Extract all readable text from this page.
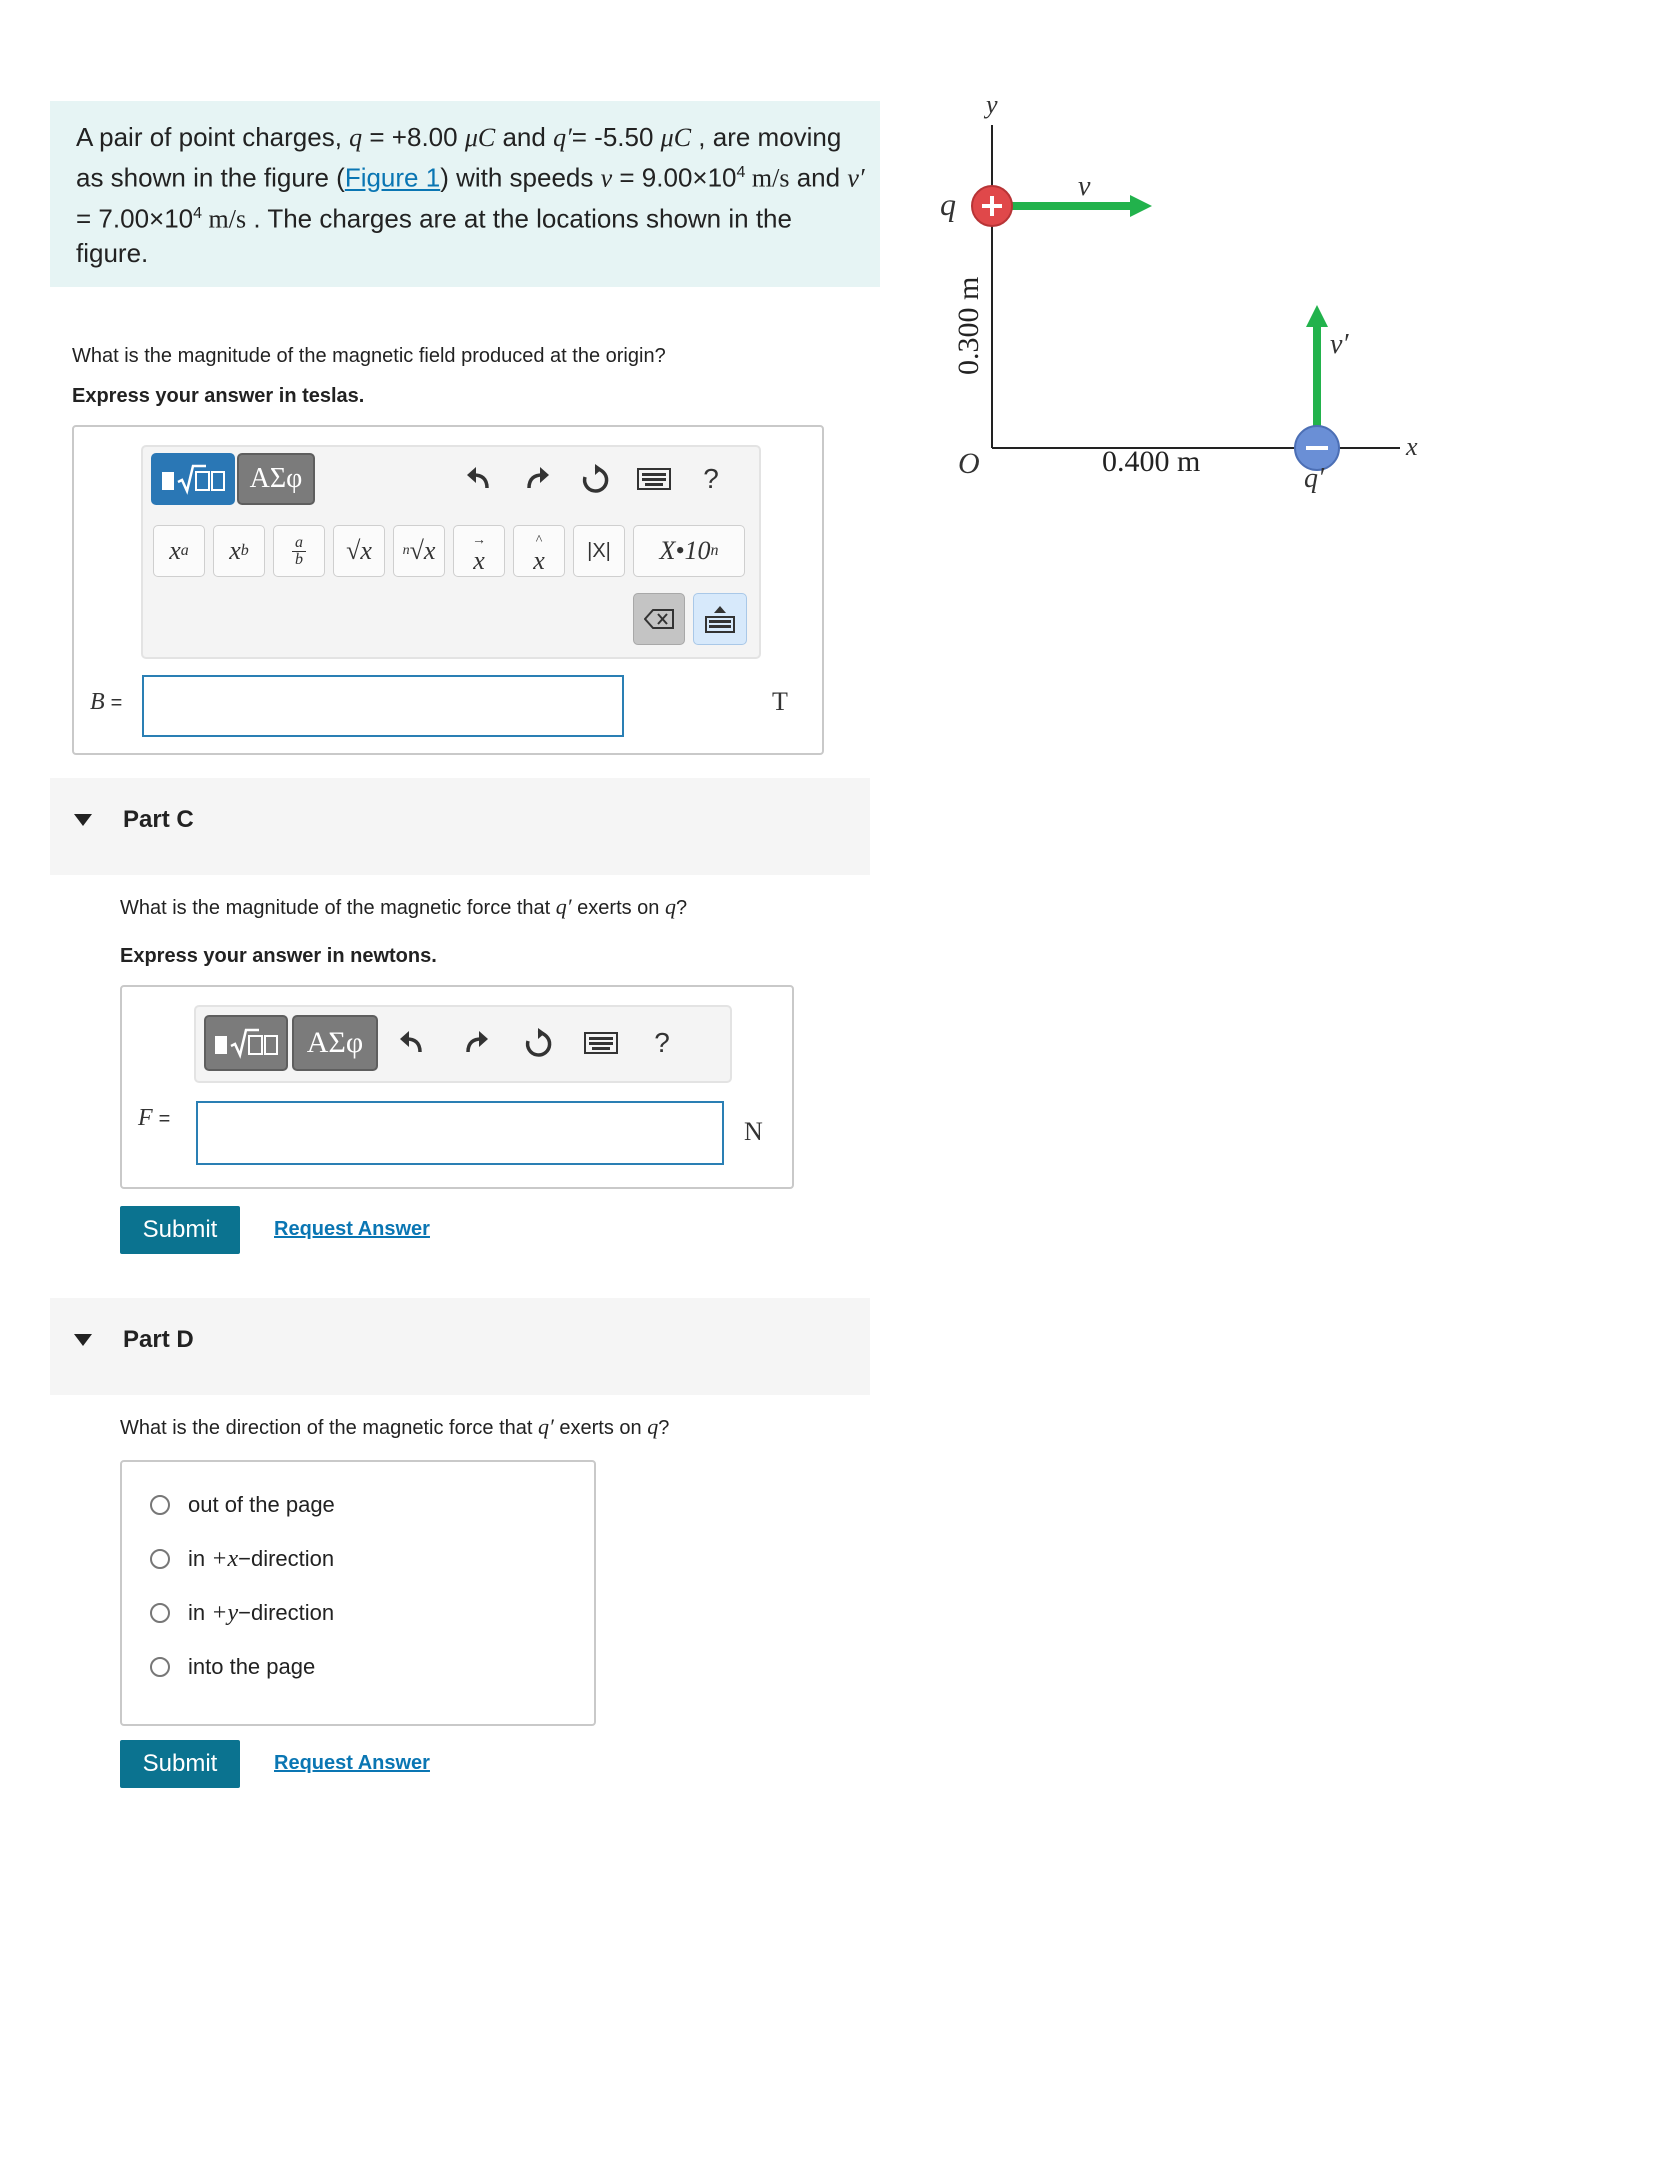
A pair of point charges, q = +8.00 μC and q′= -5.50 μC , are moving as shown in the figure (Figure 1) with speeds $v = 9.00\times 10^4$ m/s and $v' = 7.00\times 10^4$ m/s . The charges are at the locations shown in the figure.
y
x
O
0.300 m
0.400 m
v
q
v′
q′
What is the magnitude of the magnetic field produced at the origin?
Express your answer in teslas.
ΑΣφ	?
x a x b	a
b	√x	n √x	→
x
^
x	|X|	X•10 n
B =	T
Part C
What is the magnitude of the magnetic force that q′ exerts on q?
Express your answer in newtons.
ΑΣφ	?
F =	N
Submit	Request Answer
Part D
What is the direction of the magnetic force that q′ exerts on q?
out of the page
in +x−direction
in +y−direction
into the page
Submit	Request Answer
